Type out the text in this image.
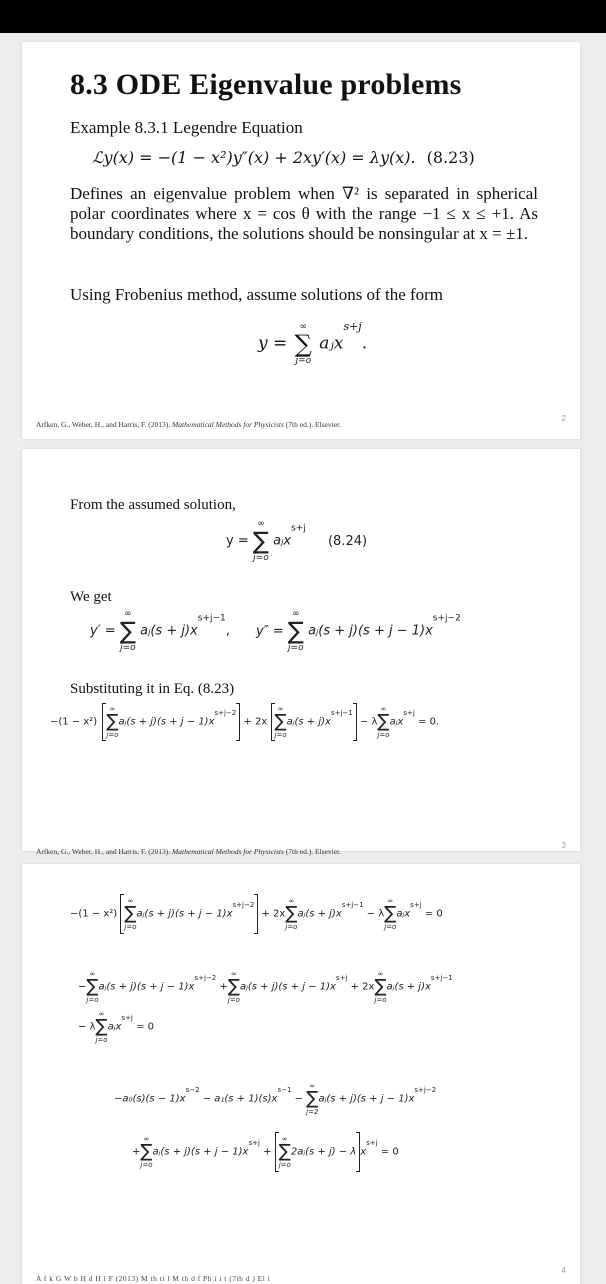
8.3 ODE Eigenvalue problems
Example 8.3.1 Legendre Equation
ℒy(x) = −(1 − x²)y″(x) + 2xy′(x) = λy(x). (8.23)
Defines an eigenvalue problem when ∇² is separated in spherical polar coordinates where x = cos θ with the range −1 ≤ x ≤ +1. As boundary conditions, the solutions should be nonsingular at x = ±1.
Using Frobenius method, assume solutions of the form
y =
∞
∑
j=o
aⱼx$^{s+j}$.
Arfken, G., Weber, H., and Harris, F. (2013). Mathematical Methods for Physicists (7th ed.). Elsevier.
2
From the assumed solution,
y =
∞
∑
j=o
aⱼx$^{s+j}$ (8.24)
We get
y′ =
∞
∑
j=o
aⱼ(s + $j)x^{s+j-1}$, y″ =
∞
∑
j=o
aⱼ(s + $j)(s + j - 1)x^{s+j-2}$
Substituting it in Eq. (8.23)
−(1 − x²)
∞
∑
j=o
aⱼ(s + $j)(s + j - 1)x^{s+j-2} + 2x$
∞
∑
j=o
aⱼ(s + $j)x^{s+j-1} - \lambda$
∞
∑
j=o
aⱼx$^{s+j}$ = 0.
Arfken, G., Weber, H., and Harris, F. (2013). Mathematical Methods for Physicists (7th ed.). Elsevier.
3
−(1 − x²)
∞
∑
j=o
aⱼ(s + $j)(s + j - 1)x^{s+j-2} + 2x$
∞
∑
j=o
aⱼ(s + $j)x^{s+j-1} - \lambda$
∞
∑
j=o
aⱼx$^{s+j}$ = 0
−
∞
∑
j=o
aⱼ(s + $j)(s + j - 1)x^{s+j-2}$ +
∞
∑
j=o
aⱼ(s + $j)(s + j - 1)x^{s+j} + 2x$
∞
∑
j=o
aⱼ(s + $j)x^{s+j-1}$
− λ
∞
∑
j=o
aⱼx$^{s+j}$ = 0
$-a_0(s)(s - 1)x^{s-2} - a_1(s + 1)(s)x^{s-1}$ −
∞
∑
j=2
aⱼ(s + $j)(s + j - 1)x^{s+j-2}$
+
∞
∑
j=o
aⱼ(s + $j)(s + j - 1)x^{s+j}$ +
∞
∑
j=o
2aⱼ(s + j) − λ $x^{s+j} = 0$
4
A f k G W b H d H i F (2013) M th ti l M th d f Ph i i t (7th d ) El i
